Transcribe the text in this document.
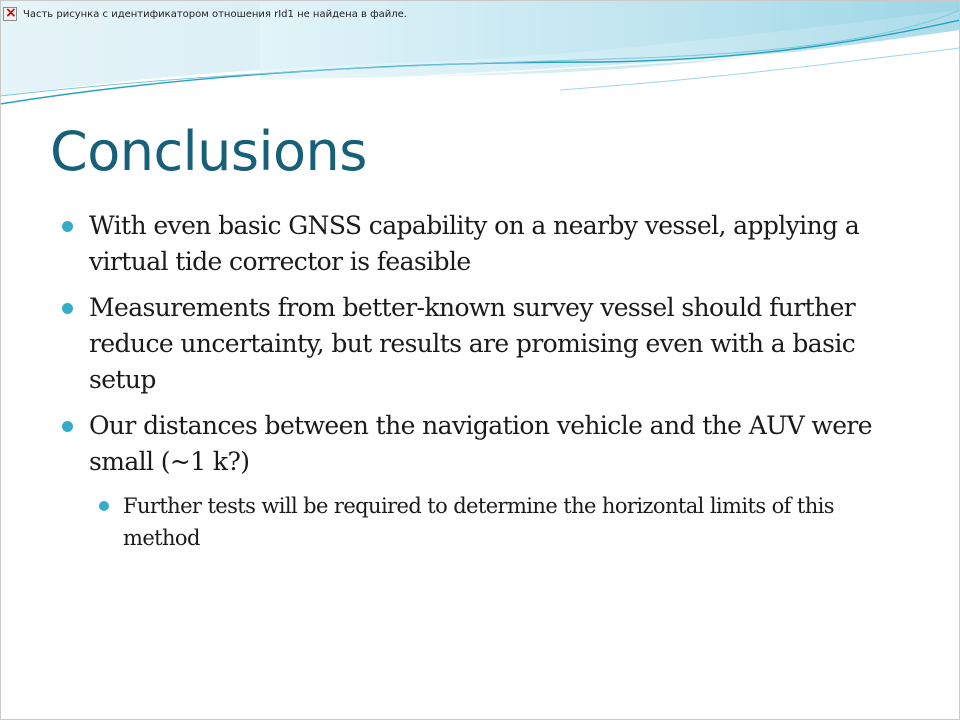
×
Часть рисунка с идентификатором отношения rId1 не найдена в файле.
Conclusions
With even basic GNSS capability on a nearby vessel, applying a virtual tide corrector is feasible
Measurements from better-known survey vessel should further reduce uncertainty, but results are promising even with a basic setup
Our distances between the navigation vehicle and the AUV were small (~1 k?)
Further tests will be required to determine the horizontal limits of this method
